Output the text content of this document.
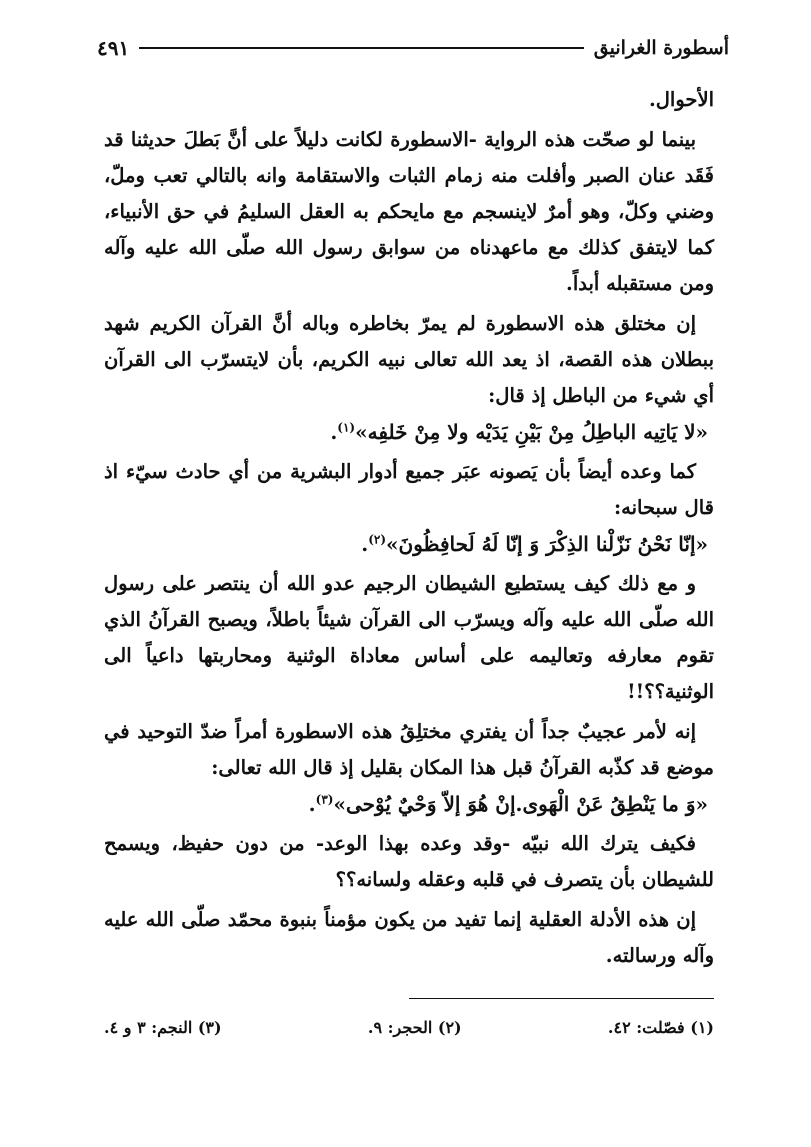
أسطورة الغرانيق
٤٩١

الأحوال.

بينما لو صحّت هذه الرواية -الاسطورة لكانت دليلاً على أنَّ بَطلَ حديثنا قد فَقَد عنان الصبر وأفلت منه زمام الثبات والاستقامة وانه بالتالي تعب وملّ، وضني وكلّ، وهو أمرٌ لاينسجم مع مايحكم به العقل السليمُ في حق الأنبياء، كما لايتفق كذلك مع ماعهدناه من سوابق رسول الله صلّى الله عليه وآله ومن مستقبله أبداً.

إن مختلق هذه الاسطورة لم يمرّ بخاطره وباله أنَّ القرآن الكريم شهد ببطلان هذه القصة، اذ يعد الله تعالى نبيه الكريم، بأن لايتسرّب الى القرآن أي شيء من الباطل إذ قال:

«لا يَاتِيه الباطِلُ مِنْ بَيْنِ يَدَيْه ولا مِنْ خَلفِه»$^{(١)}$.

كما وعده أيضاً بأن يَصونه عبَر جميع أدوار البشرية من أي حادث سيّء اذ قال سبحانه:

«إنّا نَحْنُ نَزّلْنا الذِكْرَ وَ إنّا لَهُ لَحافِظُونَ»$^{(٢)}$.

و مع ذلك كيف يستطيع الشيطان الرجيم عدو الله أن ينتصر على رسول الله صلّى الله عليه وآله ويسرّب الى القرآن شيئاً باطلاً، ويصبح القرآنُ الذي تقوم معارفه وتعاليمه على أساس معاداة الوثنية ومحاربتها داعياً الى الوثنية؟؟!!

إنه لأمر عجيبٌ جداً أن يفتري مختلِقُ هذه الاسطورة أمراً ضدّ التوحيد في موضع قد كذّبه القرآنُ قبل هذا المكان بقليل إذ قال الله تعالى:

«وَ ما يَنْطِقُ عَنْ الْهَوى.إنْ هُوَ إلاّ وَحْيٌ يُوْحى»$^{(٣)}$.

فكيف يترك الله نبيّه -وقد وعده بهذا الوعد- من دون حفيظ، ويسمح للشيطان بأن يتصرف في قلبه وعقله ولسانه؟؟

إن هذه الأدلة العقلية إنما تفيد من يكون مؤمناً بنبوة محمّد صلّى الله عليه وآله ورسالته.

(١) فصّلت: ٤٢.
(٢) الحجر: ٩.
(٣) النجم: ٣ و ٤.
